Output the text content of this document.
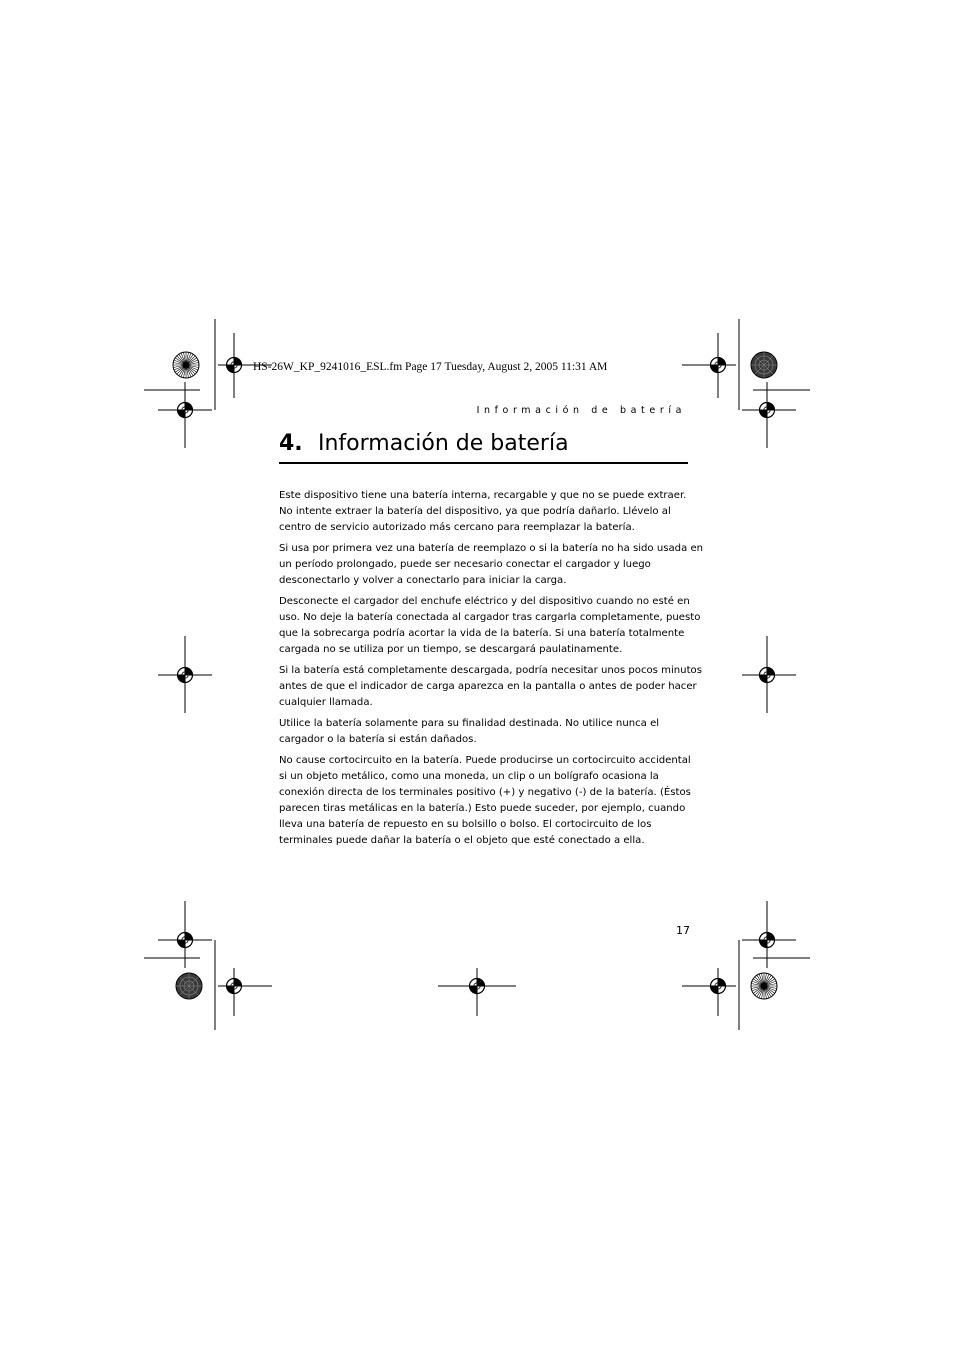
HS-26W_KP_9241016_ESL.fm Page 17 Tuesday, August 2, 2005 11:31 AM
Información de batería
4. Información de batería

Este dispositivo tiene una batería interna, recargable y que no se puede extraer.
No intente extraer la batería del dispositivo, ya que podría dañarlo. Llévelo al
centro de servicio autorizado más cercano para reemplazar la batería.

Si usa por primera vez una batería de reemplazo o si la batería no ha sido usada en
un período prolongado, puede ser necesario conectar el cargador y luego
desconectarlo y volver a conectarlo para iniciar la carga.

Desconecte el cargador del enchufe eléctrico y del dispositivo cuando no esté en
uso. No deje la batería conectada al cargador tras cargarla completamente, puesto
que la sobrecarga podría acortar la vida de la batería. Si una batería totalmente
cargada no se utiliza por un tiempo, se descargará paulatinamente.

Si la batería está completamente descargada, podría necesitar unos pocos minutos
antes de que el indicador de carga aparezca en la pantalla o antes de poder hacer
cualquier llamada.

Utilice la batería solamente para su finalidad destinada. No utilice nunca el
cargador o la batería si están dañados.

No cause cortocircuito en la batería. Puede producirse un cortocircuito accidental
si un objeto metálico, como una moneda, un clip o un bolígrafo ocasiona la
conexión directa de los terminales positivo (+) y negativo (-) de la batería. (Éstos
parecen tiras metálicas en la batería.) Esto puede suceder, por ejemplo, cuando
lleva una batería de repuesto en su bolsillo o bolso. El cortocircuito de los
terminales puede dañar la batería o el objeto que esté conectado a ella.

17
